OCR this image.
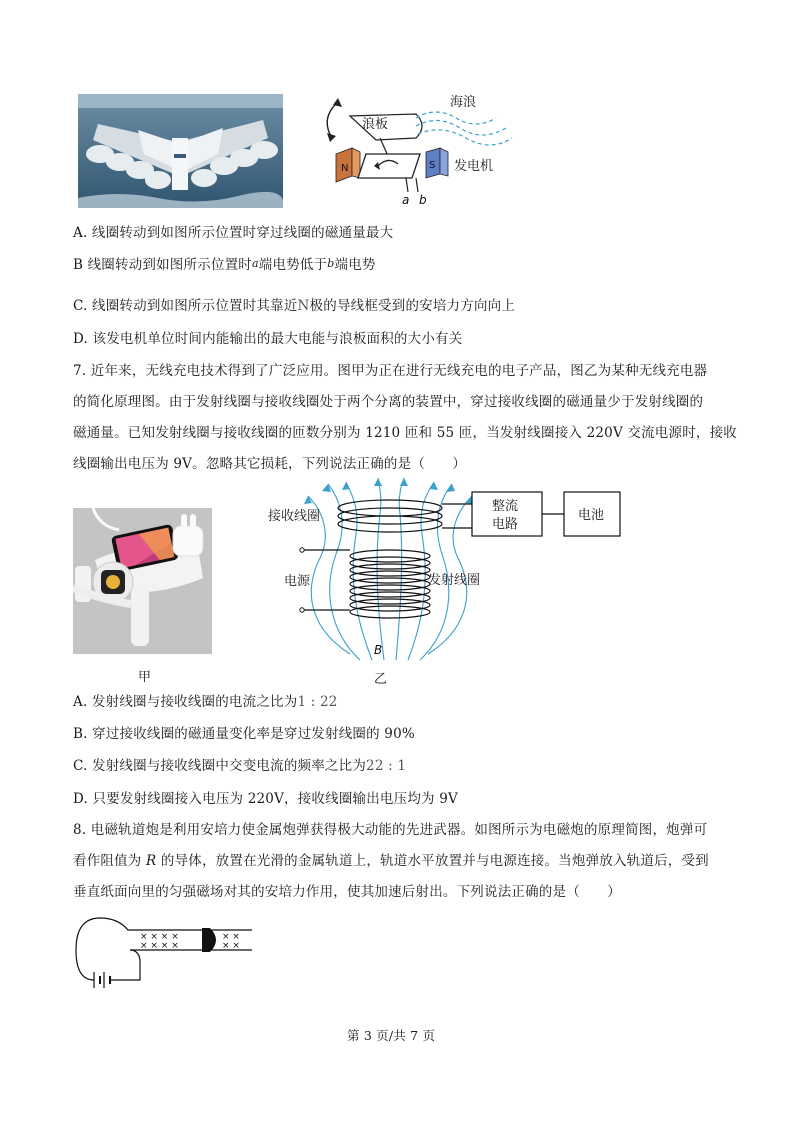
海浪
浪板
发电机
N	S
a b
A. 线圈转动到如图所示位置时穿过线圈的磁通量最大
B 线圈转动到如图所示位置时a端电势低于b端电势
C. 线圈转动到如图所示位置时其靠近N极的导线框受到的安培力方向向上
D. 该发电机单位时间内能输出的最大电能与浪板面积的大小有关
7. 近年来，无线充电技术得到了广泛应用。图甲为正在进行无线充电的电子产品，图乙为某种无线充电器
的简化原理图。由于发射线圈与接收线圈处于两个分离的装置中，穿过接收线圈的磁通量少于发射线圈的
磁通量。已知发射线圈与接收线圈的匝数分别为 1210 匝和 55 匝，当发射线圈接入 220V 交流电源时，接收
线圈输出电压为 9V。忽略其它损耗，下列说法正确的是（　　）
甲
接收线圈
电源	发射线圈
整流
电路
电池
B
乙
A. 发射线圈与接收线圈的电流之比为1 : 22
B. 穿过接收线圈的磁通量变化率是穿过发射线圈的 90%
C. 发射线圈与接收线圈中交变电流的频率之比为22 : 1
D. 只要发射线圈接入电压为 220V，接收线圈输出电压均为 9V
8. 电磁轨道炮是利用安培力使金属炮弹获得极大动能的先进武器。如图所示为电磁炮的原理简图，炮弹可
看作阻值为 R 的导体，放置在光滑的金属轨道上，轨道水平放置并与电源连接。当炮弹放入轨道后，受到
垂直纸面向里的匀强磁场对其的安培力作用，使其加速后射出。下列说法正确的是（　　）
× × × ×
× × × ×
× ×
× ×
第 3 页/共 7 页
